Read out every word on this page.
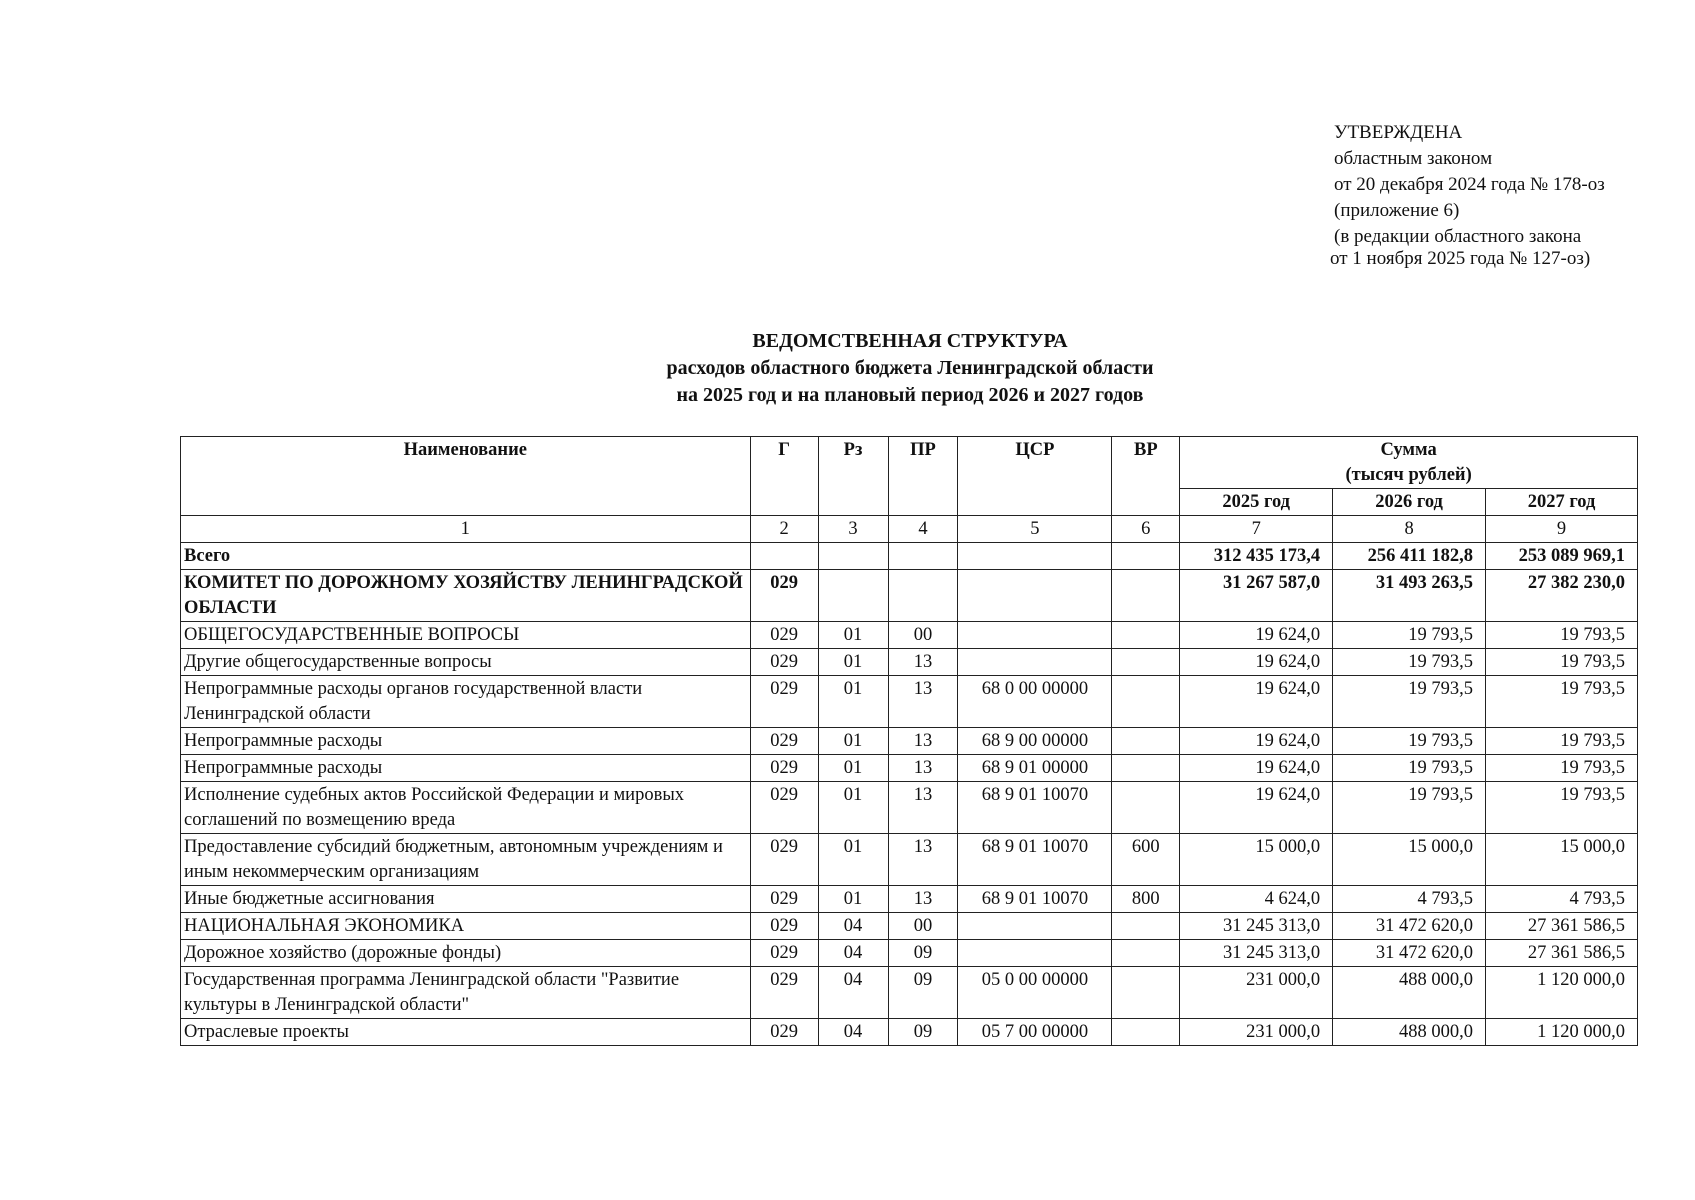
УТВЕРЖДЕНА
областным законом
от 20 декабря 2024 года № 178-оз
(приложение 6)
(в редакции областного закона
от 1 ноября 2025 года № 127-оз)
ВЕДОМСТВЕННАЯ СТРУКТУРА
расходов областного бюджета Ленинградской области
на 2025 год и на плановый период 2026 и 2027 годов
Наименование	Г	Рз	ПР	ЦСР	ВР	Сумма
(тысяч рублей)		

						2025 год	2026 год	2027 год
1	2	3	4	5	6	7	8	9
Всего						312 435 173,4	256 411 182,8	253 089 969,1
КОМИТЕТ ПО ДОРОЖНОМУ ХОЗЯЙСТВУ ЛЕНИНГРАДСКОЙ ОБЛАСТИ	029					31 267 587,0	31 493 263,5	27 382 230,0
ОБЩЕГОСУДАРСТВЕННЫЕ ВОПРОСЫ	029	01	00			19 624,0	19 793,5	19 793,5
Другие общегосударственные вопросы	029	01	13			19 624,0	19 793,5	19 793,5
Непрограммные расходы органов государственной власти Ленинградской области	029	01	13	68 0 00 00000		19 624,0	19 793,5	19 793,5
Непрограммные расходы	029	01	13	68 9 00 00000		19 624,0	19 793,5	19 793,5
Непрограммные расходы	029	01	13	68 9 01 00000		19 624,0	19 793,5	19 793,5
Исполнение судебных актов Российской Федерации и мировых соглашений по возмещению вреда	029	01	13	68 9 01 10070		19 624,0	19 793,5	19 793,5
Предоставление субсидий бюджетным, автономным учреждениям и иным некоммерческим организациям	029	01	13	68 9 01 10070	600	15 000,0	15 000,0	15 000,0
Иные бюджетные ассигнования	029	01	13	68 9 01 10070	800	4 624,0	4 793,5	4 793,5
НАЦИОНАЛЬНАЯ ЭКОНОМИКА	029	04	00			31 245 313,0	31 472 620,0	27 361 586,5
Дорожное хозяйство (дорожные фонды)	029	04	09			31 245 313,0	31 472 620,0	27 361 586,5
Государственная программа Ленинградской области "Развитие культуры в Ленинградской области"	029	04	09	05 0 00 00000		231 000,0	488 000,0	1 120 000,0
Отраслевые проекты	029	04	09	05 7 00 00000		231 000,0	488 000,0	1 120 000,0
